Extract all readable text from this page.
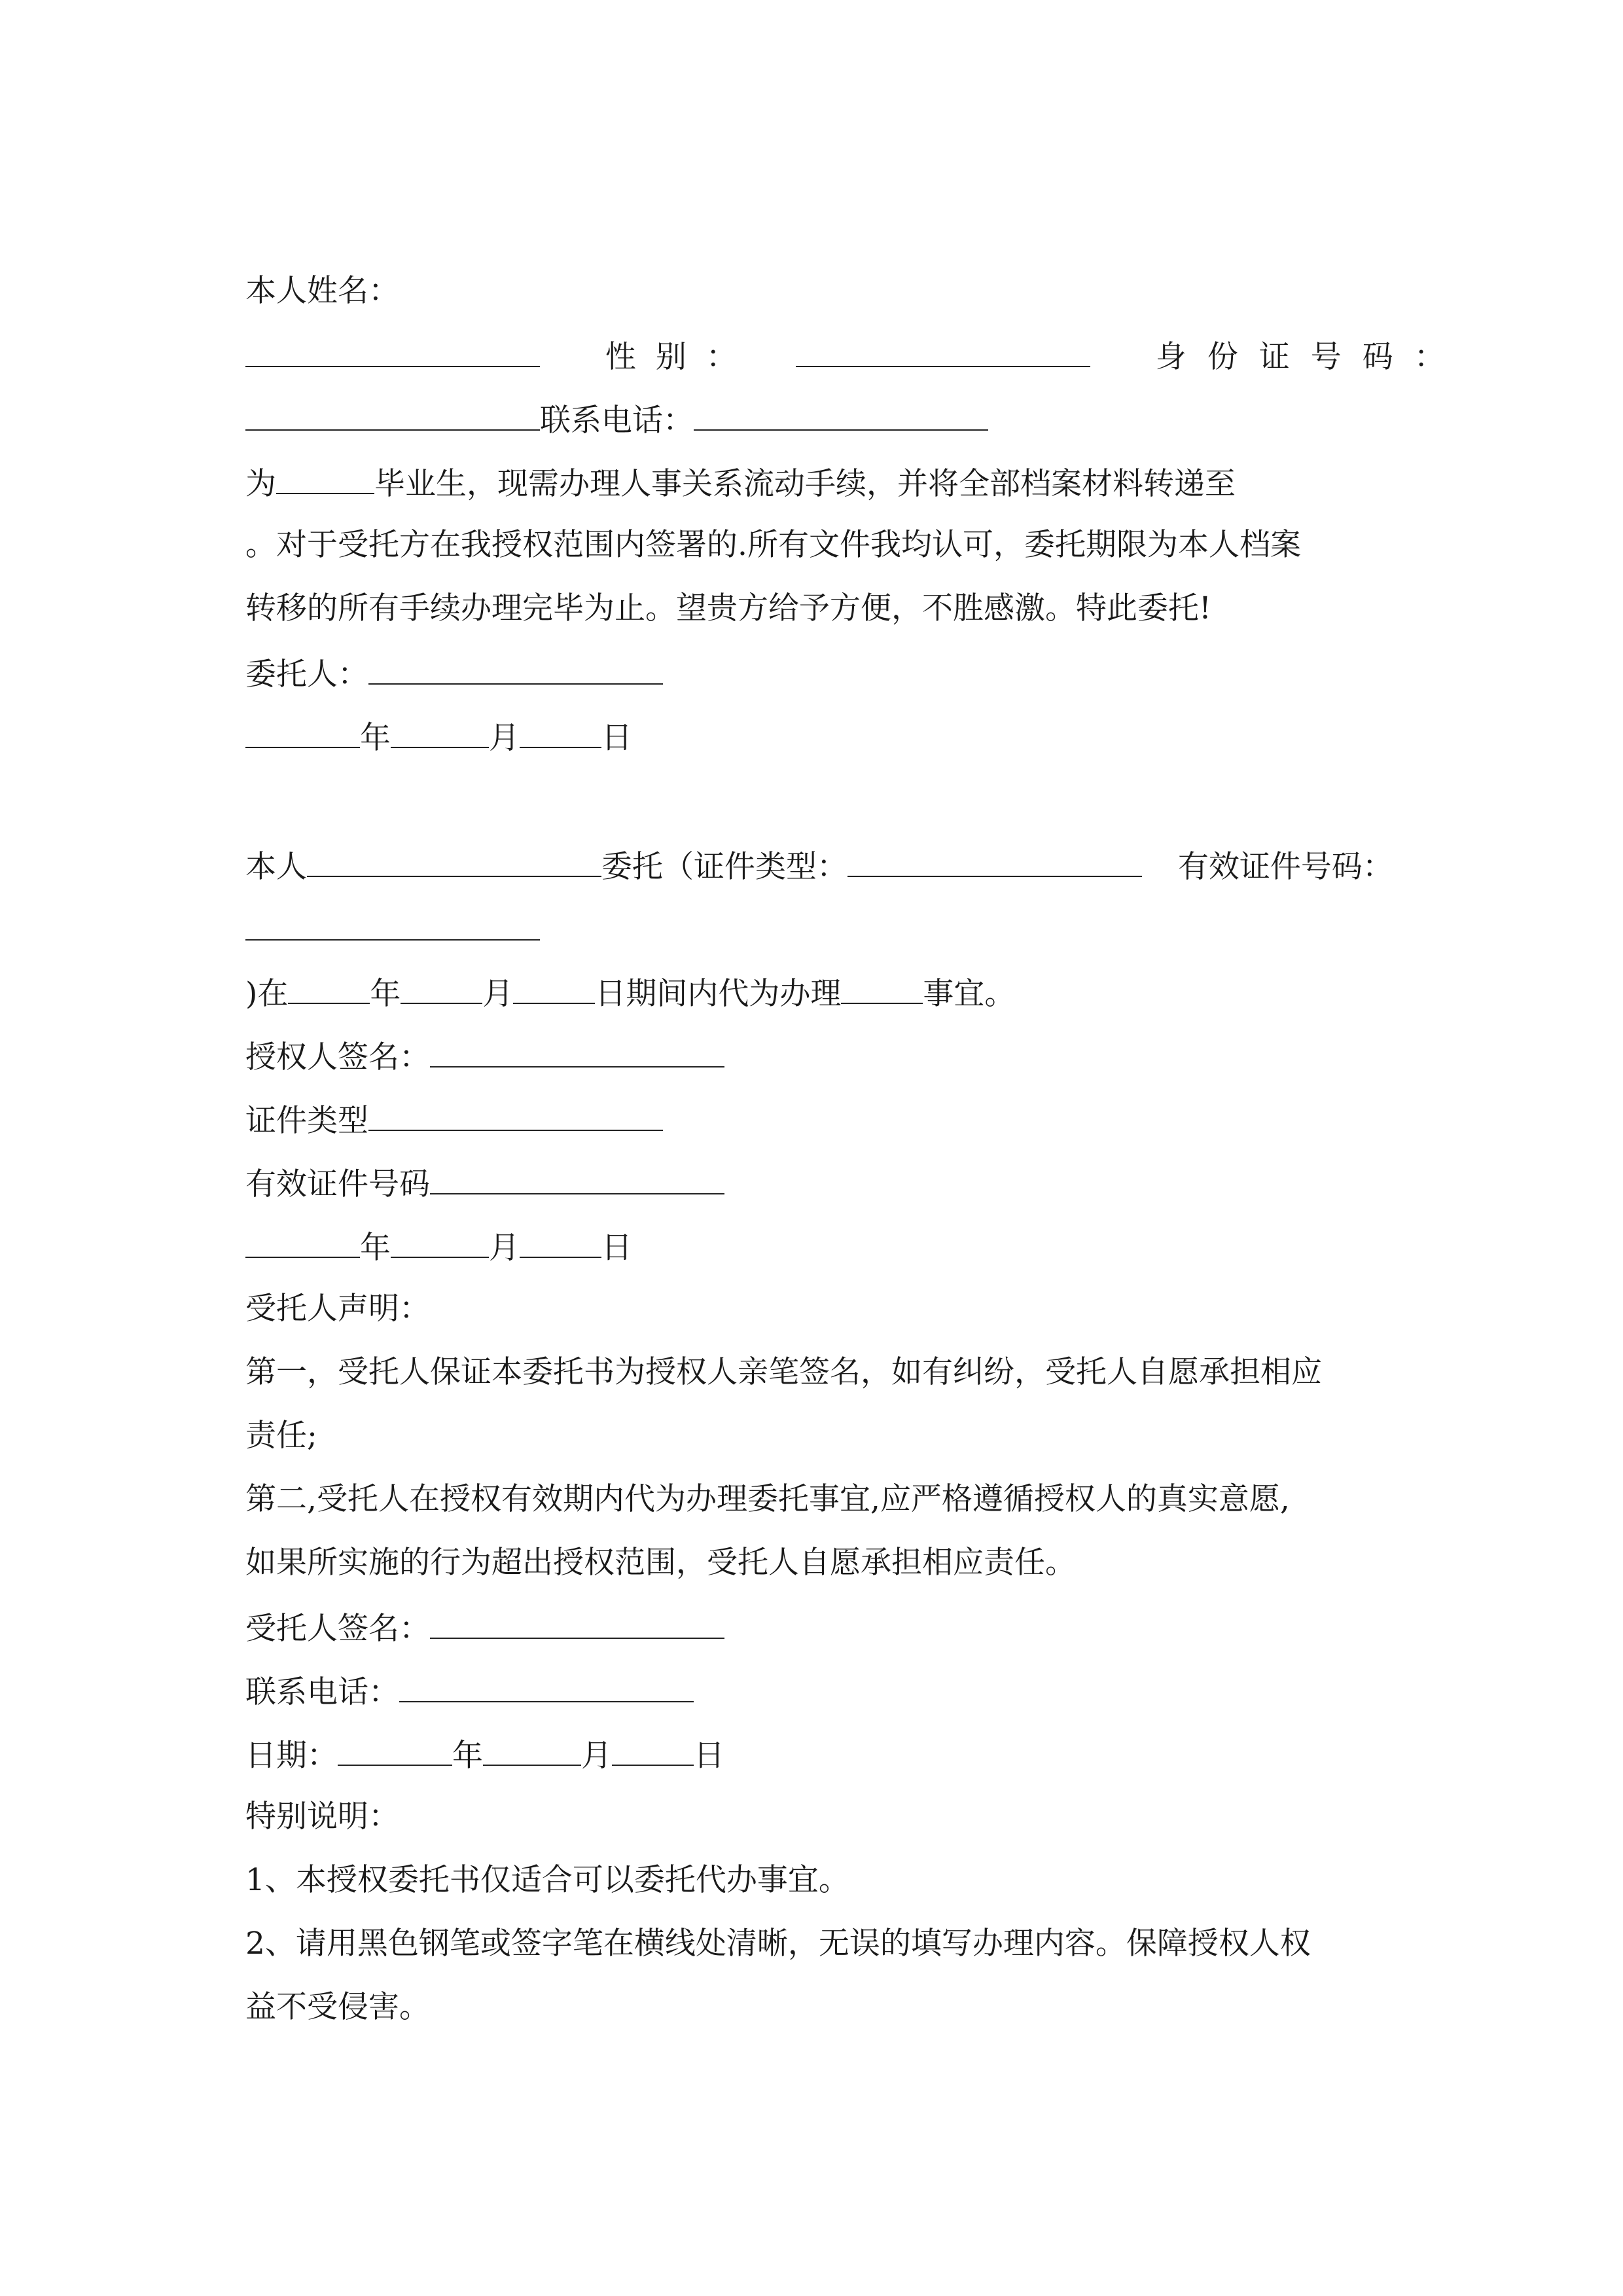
本人姓名：
性别：	身份证号码：
联系电话：
为	毕业生，现需办理人事关系流动手续，并将全部档案材料转递至
。对于受托方在我授权范围内签署的.所有文件我均认可，委托期限为本人档案
转移的所有手续办理完毕为止。望贵方给予方便，不胜感激。特此委托!
委托人：
年	月	日
本人	委托（证件类型：	有效证件号码：
)在	年	月	日期间内代为办理	事宜。
授权人签名：
证件类型
有效证件号码
年	月	日
受托人声明：
第一，受托人保证本委托书为授权人亲笔签名，如有纠纷，受托人自愿承担相应
责任;
第二,受托人在授权有效期内代为办理委托事宜,应严格遵循授权人的真实意愿,
如果所实施的行为超出授权范围，受托人自愿承担相应责任。
受托人签名：
联系电话：
日期：	年	月	日
特别说明：
1、本授权委托书仅适合可以委托代办事宜。
2、请用黑色钢笔或签字笔在横线处清晰，无误的填写办理内容。保障授权人权
益不受侵害。
